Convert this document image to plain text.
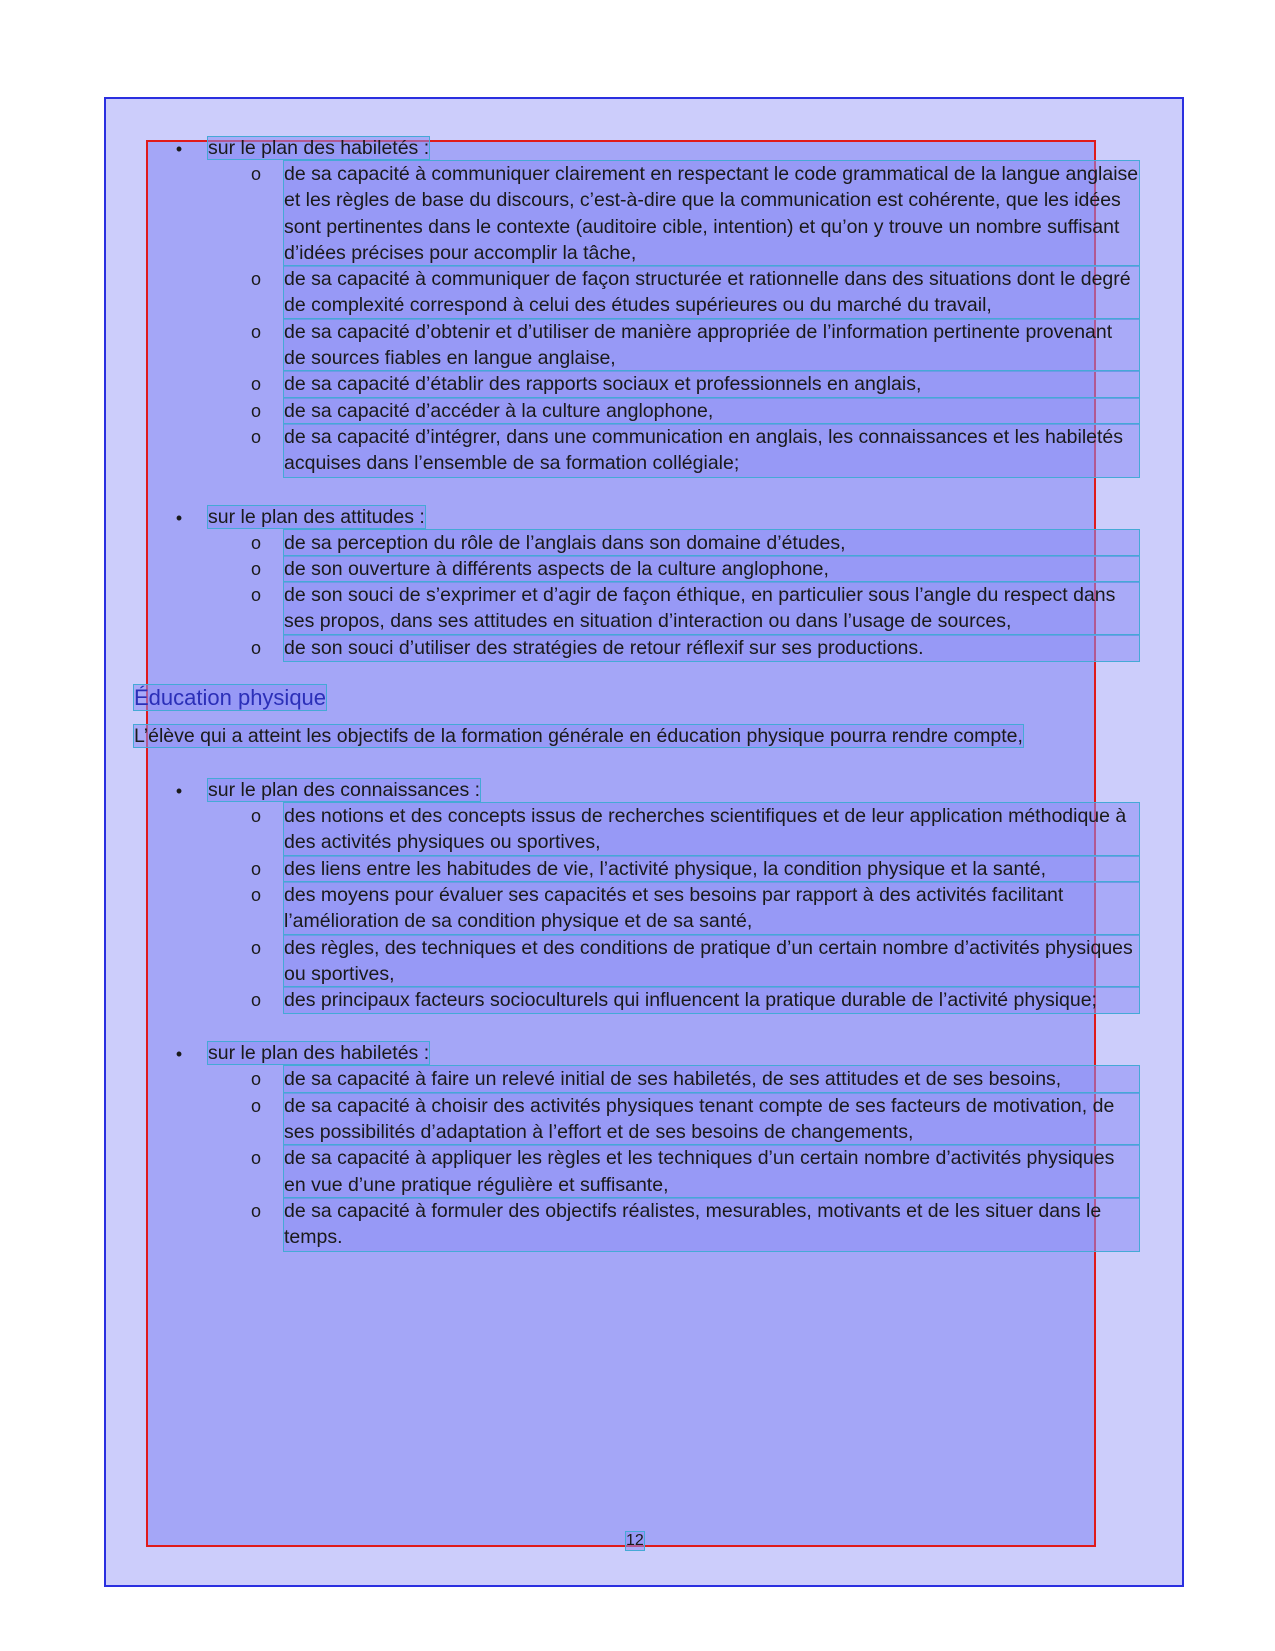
•	sur le plan des habiletés :
o de sa capacité à communiquer clairement en respectant le code grammatical de la langue anglaise et les règles de base du discours, c’est-à-dire que la communication est cohérente, que les idées sont pertinentes dans le contexte (auditoire cible, intention) et qu’on y trouve un nombre suffisant d’idées précises pour accomplir la tâche,
o de sa capacité à communiquer de façon structurée et rationnelle dans des situations dont le degré de complexité correspond à celui des études supérieures ou du marché du travail,
o de sa capacité d’obtenir et d’utiliser de manière appropriée de l’information pertinente provenant de sources fiables en langue anglaise,
o de sa capacité d’établir des rapports sociaux et professionnels en anglais,
o de sa capacité d’accéder à la culture anglophone,
o de sa capacité d’intégrer, dans une communication en anglais, les connaissances et les habiletés acquises dans l’ensemble de sa formation collégiale;
•	sur le plan des attitudes :
o de sa perception du rôle de l’anglais dans son domaine d’études,
o de son ouverture à différents aspects de la culture anglophone,
o de son souci de s’exprimer et d’agir de façon éthique, en particulier sous l’angle du respect dans ses propos, dans ses attitudes en situation d’interaction ou dans l’usage de sources,
o de son souci d’utiliser des stratégies de retour réflexif sur ses productions.
Éducation physique
L’élève qui a atteint les objectifs de la formation générale en éducation physique pourra rendre compte,
•	sur le plan des connaissances :
o des notions et des concepts issus de recherches scientifiques et de leur application méthodique à des activités physiques ou sportives,
o des liens entre les habitudes de vie, l’activité physique, la condition physique et la santé,
o des moyens pour évaluer ses capacités et ses besoins par rapport à des activités facilitant l’amélioration de sa condition physique et de sa santé,
o des règles, des techniques et des conditions de pratique d’un certain nombre d’activités physiques ou sportives,
o des principaux facteurs socioculturels qui influencent la pratique durable de l’activité physique;
•	sur le plan des habiletés :
o de sa capacité à faire un relevé initial de ses habiletés, de ses attitudes et de ses besoins,
o de sa capacité à choisir des activités physiques tenant compte de ses facteurs de motivation, de ses possibilités d’adaptation à l’effort et de ses besoins de changements,
o de sa capacité à appliquer les règles et les techniques d’un certain nombre d’activités physiques en vue d’une pratique régulière et suffisante,
o de sa capacité à formuler des objectifs réalistes, mesurables, motivants et de les situer dans le temps.
12
